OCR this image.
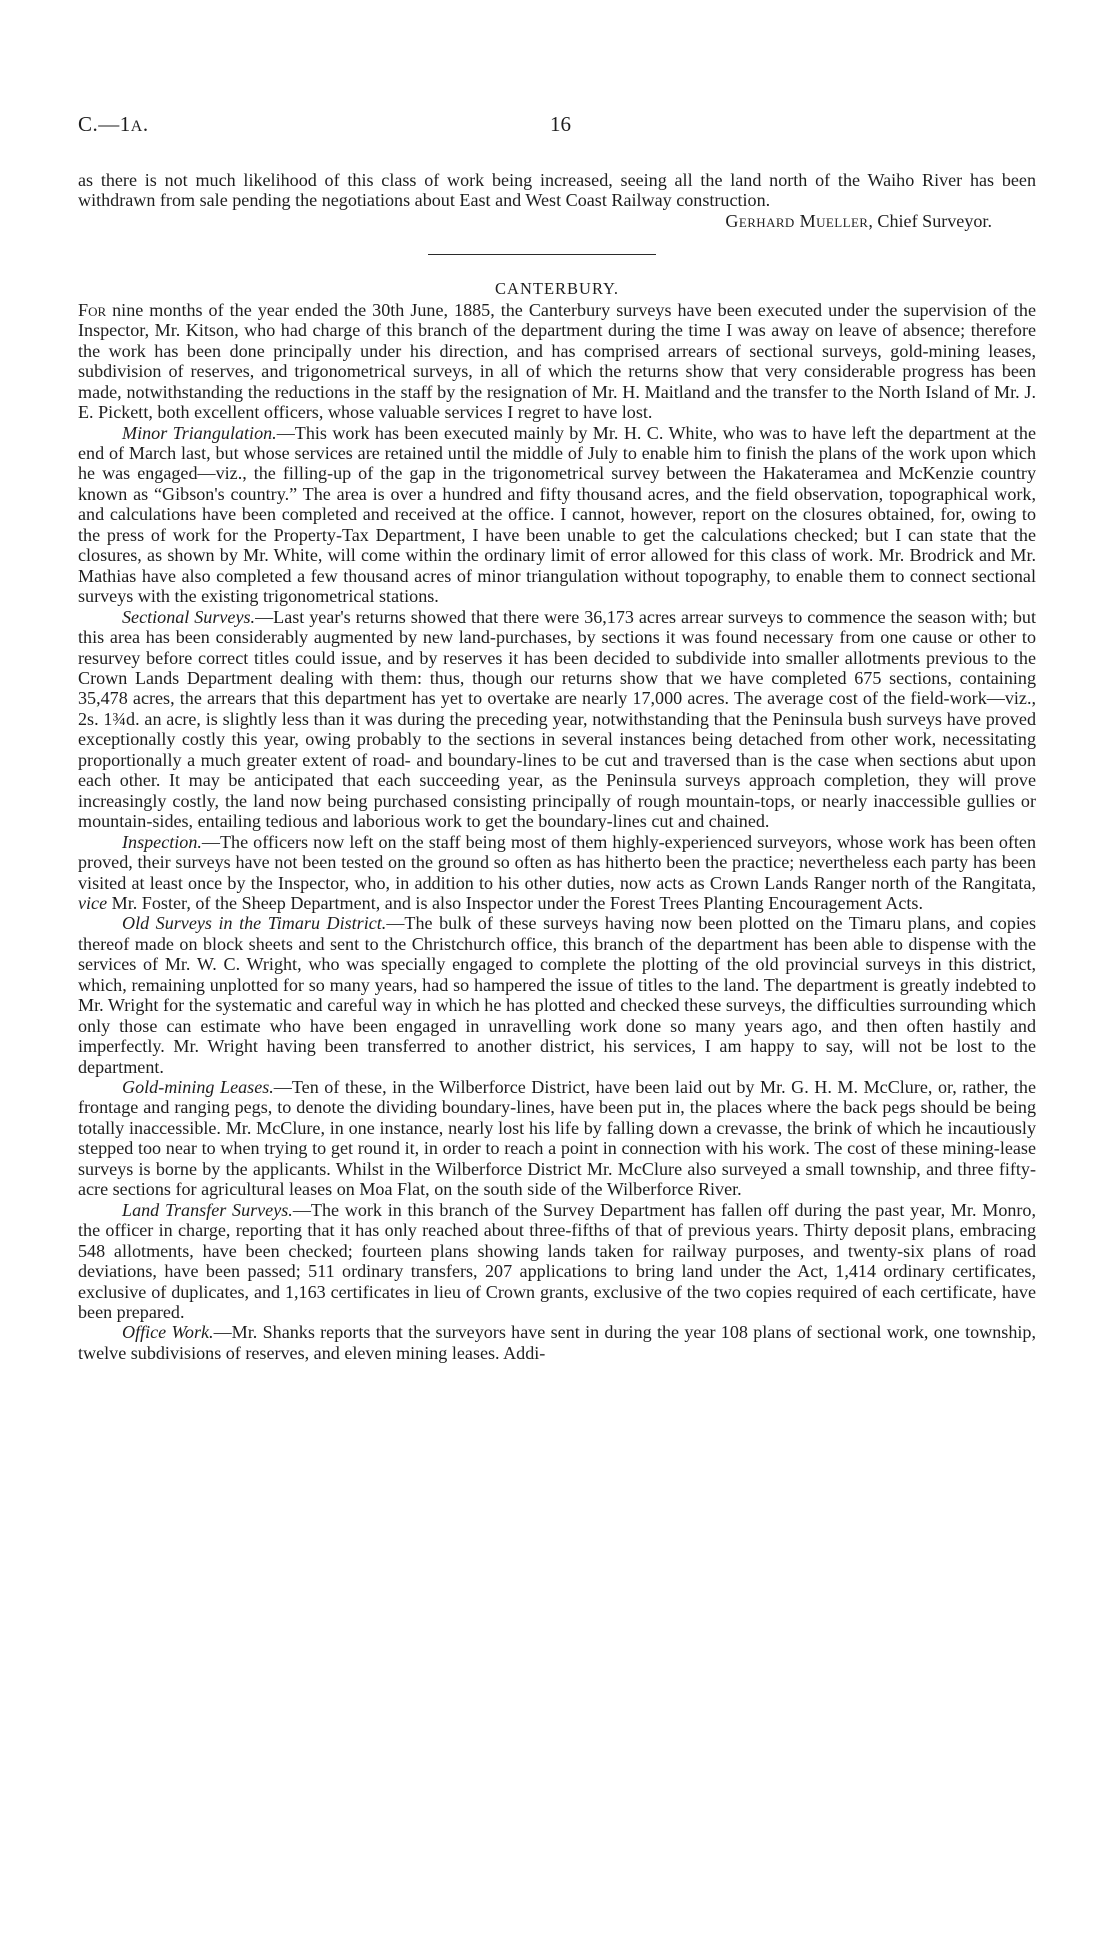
C.—1A.	16

as there is not much likelihood of this class of work being increased, seeing all the land north of the Waiho River has been withdrawn from sale pending the negotiations about East and West Coast Railway construction.

Gerhard Mueller, Chief Surveyor.

CANTERBURY.

For nine months of the year ended the 30th June, 1885, the Canterbury surveys have been executed under the supervision of the Inspector, Mr. Kitson, who had charge of this branch of the department during the time I was away on leave of absence; therefore the work has been done principally under his direction, and has comprised arrears of sectional surveys, gold-mining leases, subdivision of reserves, and trigonometrical surveys, in all of which the returns show that very considerable progress has been made, notwithstanding the reductions in the staff by the resignation of Mr. H. Maitland and the transfer to the North Island of Mr. J. E. Pickett, both excellent officers, whose valuable services I regret to have lost.

Minor Triangulation.—This work has been executed mainly by Mr. H. C. White, who was to have left the department at the end of March last, but whose services are retained until the middle of July to enable him to finish the plans of the work upon which he was engaged—viz., the filling-up of the gap in the trigonometrical survey between the Hakateramea and McKenzie country known as “Gibson's country.” The area is over a hundred and fifty thousand acres, and the field observation, topographical work, and calculations have been completed and received at the office. I cannot, however, report on the closures obtained, for, owing to the press of work for the Property-Tax Department, I have been unable to get the calculations checked; but I can state that the closures, as shown by Mr. White, will come within the ordinary limit of error allowed for this class of work. Mr. Brodrick and Mr. Mathias have also completed a few thousand acres of minor triangulation without topography, to enable them to connect sectional surveys with the existing trigonometrical stations.

Sectional Surveys.—Last year's returns showed that there were 36,173 acres arrear surveys to commence the season with; but this area has been considerably augmented by new land-purchases, by sections it was found necessary from one cause or other to resurvey before correct titles could issue, and by reserves it has been decided to subdivide into smaller allotments previous to the Crown Lands Department dealing with them: thus, though our returns show that we have completed 675 sections, containing 35,478 acres, the arrears that this department has yet to overtake are nearly 17,000 acres. The average cost of the field-work—viz., 2s. 1¾d. an acre, is slightly less than it was during the preceding year, notwithstanding that the Peninsula bush surveys have proved exceptionally costly this year, owing probably to the sections in several instances being detached from other work, necessitating proportionally a much greater extent of road- and boundary-lines to be cut and traversed than is the case when sections abut upon each other. It may be anticipated that each succeeding year, as the Peninsula surveys approach completion, they will prove increasingly costly, the land now being purchased consisting principally of rough mountain-tops, or nearly inaccessible gullies or mountain-sides, entailing tedious and laborious work to get the boundary-lines cut and chained.

Inspection.—The officers now left on the staff being most of them highly-experienced surveyors, whose work has been often proved, their surveys have not been tested on the ground so often as has hitherto been the practice; nevertheless each party has been visited at least once by the Inspector, who, in addition to his other duties, now acts as Crown Lands Ranger north of the Rangitata, vice Mr. Foster, of the Sheep Department, and is also Inspector under the Forest Trees Planting Encouragement Acts.

Old Surveys in the Timaru District.—The bulk of these surveys having now been plotted on the Timaru plans, and copies thereof made on block sheets and sent to the Christchurch office, this branch of the department has been able to dispense with the services of Mr. W. C. Wright, who was specially engaged to complete the plotting of the old provincial surveys in this district, which, remaining unplotted for so many years, had so hampered the issue of titles to the land. The department is greatly indebted to Mr. Wright for the systematic and careful way in which he has plotted and checked these surveys, the difficulties surrounding which only those can estimate who have been engaged in unravelling work done so many years ago, and then often hastily and imperfectly. Mr. Wright having been transferred to another district, his services, I am happy to say, will not be lost to the department.

Gold-mining Leases.—Ten of these, in the Wilberforce District, have been laid out by Mr. G. H. M. McClure, or, rather, the frontage and ranging pegs, to denote the dividing boundary-lines, have been put in, the places where the back pegs should be being totally inaccessible. Mr. McClure, in one instance, nearly lost his life by falling down a crevasse, the brink of which he incautiously stepped too near to when trying to get round it, in order to reach a point in connection with his work. The cost of these mining-lease surveys is borne by the applicants. Whilst in the Wilberforce District Mr. McClure also surveyed a small township, and three fifty-acre sections for agricultural leases on Moa Flat, on the south side of the Wilberforce River.

Land Transfer Surveys.—The work in this branch of the Survey Department has fallen off during the past year, Mr. Monro, the officer in charge, reporting that it has only reached about three-fifths of that of previous years. Thirty deposit plans, embracing 548 allotments, have been checked; fourteen plans showing lands taken for railway purposes, and twenty-six plans of road deviations, have been passed; 511 ordinary transfers, 207 applications to bring land under the Act, 1,414 ordinary certificates, exclusive of duplicates, and 1,163 certificates in lieu of Crown grants, exclusive of the two copies required of each certificate, have been prepared.

Office Work.—Mr. Shanks reports that the surveyors have sent in during the year 108 plans of sectional work, one township, twelve subdivisions of reserves, and eleven mining leases. Addi-
